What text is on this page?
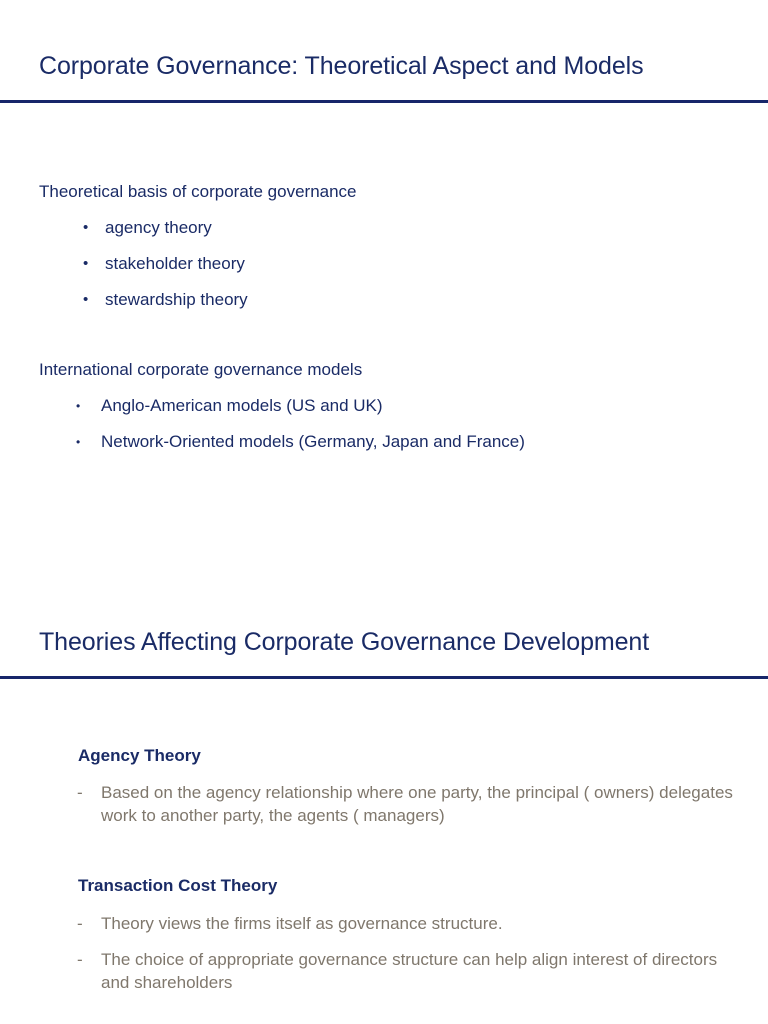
Corporate Governance: Theoretical Aspect and Models
Theoretical basis of corporate governance
• agency theory
• stakeholder theory
• stewardship theory
International corporate governance models
• Anglo-American models (US and UK)
• Network-Oriented models (Germany, Japan and France)
Theories Affecting Corporate Governance Development
Agency Theory
- Based on the agency relationship where one party, the principal ( owners) delegates work to another party, the agents ( managers)
Transaction Cost Theory
- Theory views the firms itself as governance structure.
- The choice of appropriate governance structure can help align interest of directors and shareholders
